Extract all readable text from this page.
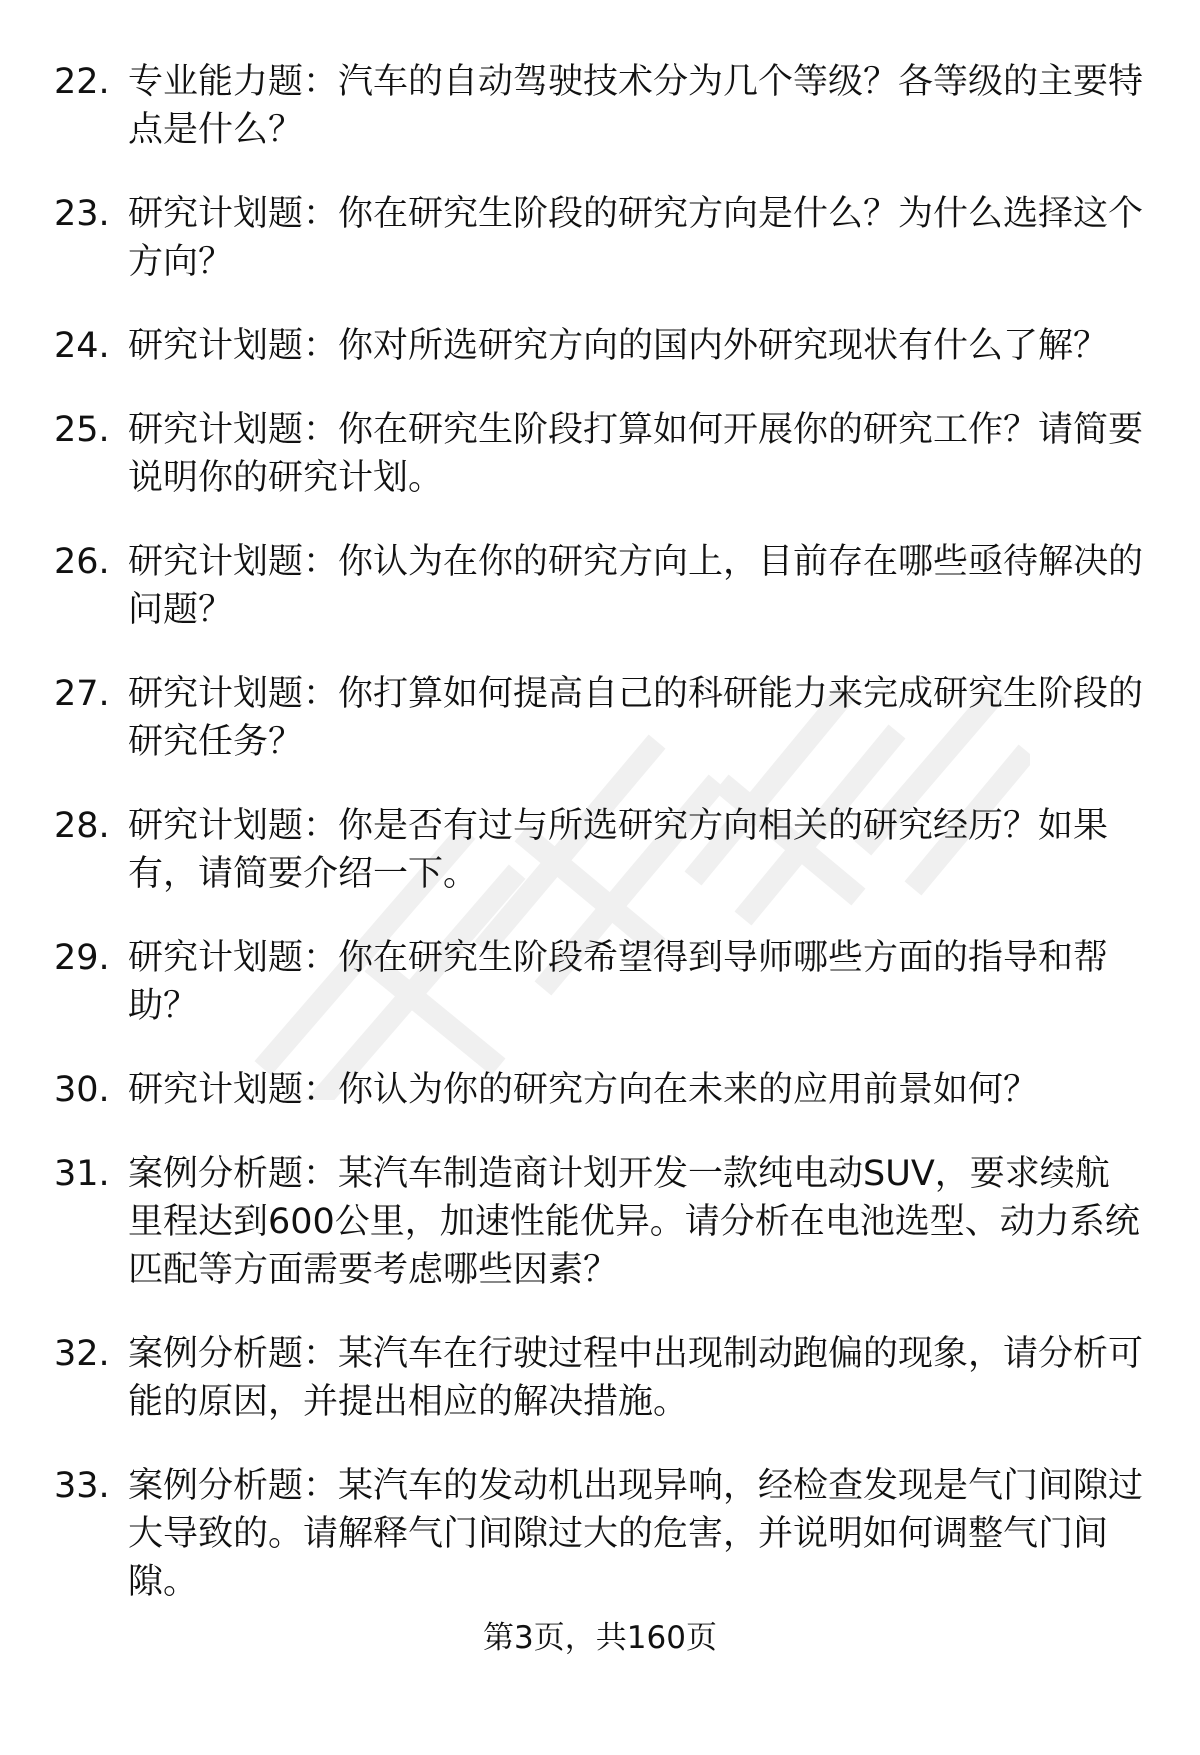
22. 专业能力题：汽车的自动驾驶技术分为几个等级？各等级的主要特点是什么？
23. 研究计划题：你在研究生阶段的研究方向是什么？为什么选择这个方向？
24. 研究计划题：你对所选研究方向的国内外研究现状有什么了解？
25. 研究计划题：你在研究生阶段打算如何开展你的研究工作？请简要说明你的研究计划。
26. 研究计划题：你认为在你的研究方向上，目前存在哪些亟待解决的问题？
27. 研究计划题：你打算如何提高自己的科研能力来完成研究生阶段的研究任务？
28. 研究计划题：你是否有过与所选研究方向相关的研究经历？如果有，请简要介绍一下。
29. 研究计划题：你在研究生阶段希望得到导师哪些方面的指导和帮助？
30. 研究计划题：你认为你的研究方向在未来的应用前景如何？
31. 案例分析题：某汽车制造商计划开发一款纯电动SUV，要求续航里程达到600公里，加速性能优异。请分析在电池选型、动力系统匹配等方面需要考虑哪些因素？
32. 案例分析题：某汽车在行驶过程中出现制动跑偏的现象，请分析可能的原因，并提出相应的解决措施。
33. 案例分析题：某汽车的发动机出现异响，经检查发现是气门间隙过大导致的。请解释气门间隙过大的危害，并说明如何调整气门间隙。
第3页，共160页
